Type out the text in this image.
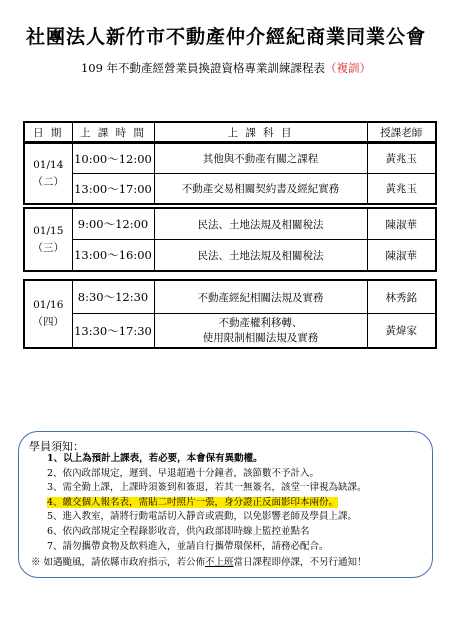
社團法人新竹市不動產仲介經紀商業同業公會
109 年不動產經營業員換證資格專業訓練課程表（複訓）
日 期	上 課 時 間	上 課 科 目	授課老師
01/14
（二）	10:00～12:00	其他與不動產有關之課程	黃兆玉
	13:00～17:00	不動產交易相關契約書及經紀實務	黃兆玉
01/15
（三）	9:00～12:00	民法、土地法規及相關稅法	陳淑華
	13:00～16:00	民法、土地法規及相關稅法	陳淑華
01/16
（四）	8:30～12:30	不動產經紀相關法規及實務	林秀銘
	13:30～17:30	不動產權利移轉、
使用限制相關法規及實務	黃煒家
學員須知：
1、以上為預計上課表，若必要，本會保有異動權。
2、依內政部規定，遲到、早退超過十分鐘者，該節數不予計入。
3、需全勤上課，上課時須簽到和簽退，若其一無簽名，該堂一律視為缺課。
4、繳交個人報名表，需貼二吋照片一張，身分證正反面影印本兩份。
5、進入教室，請將行動電話切入靜音或震動，以免影響老師及學員上課。
6、依內政部規定全程錄影收音，供內政部即時線上監控並點名
7、請勿攜帶食物及飲料進入，並請自行攜帶環保杯，請務必配合。
※ 如遇颱風，請依縣市政府指示，若公佈不上班當日課程即停課，不另行通知！
